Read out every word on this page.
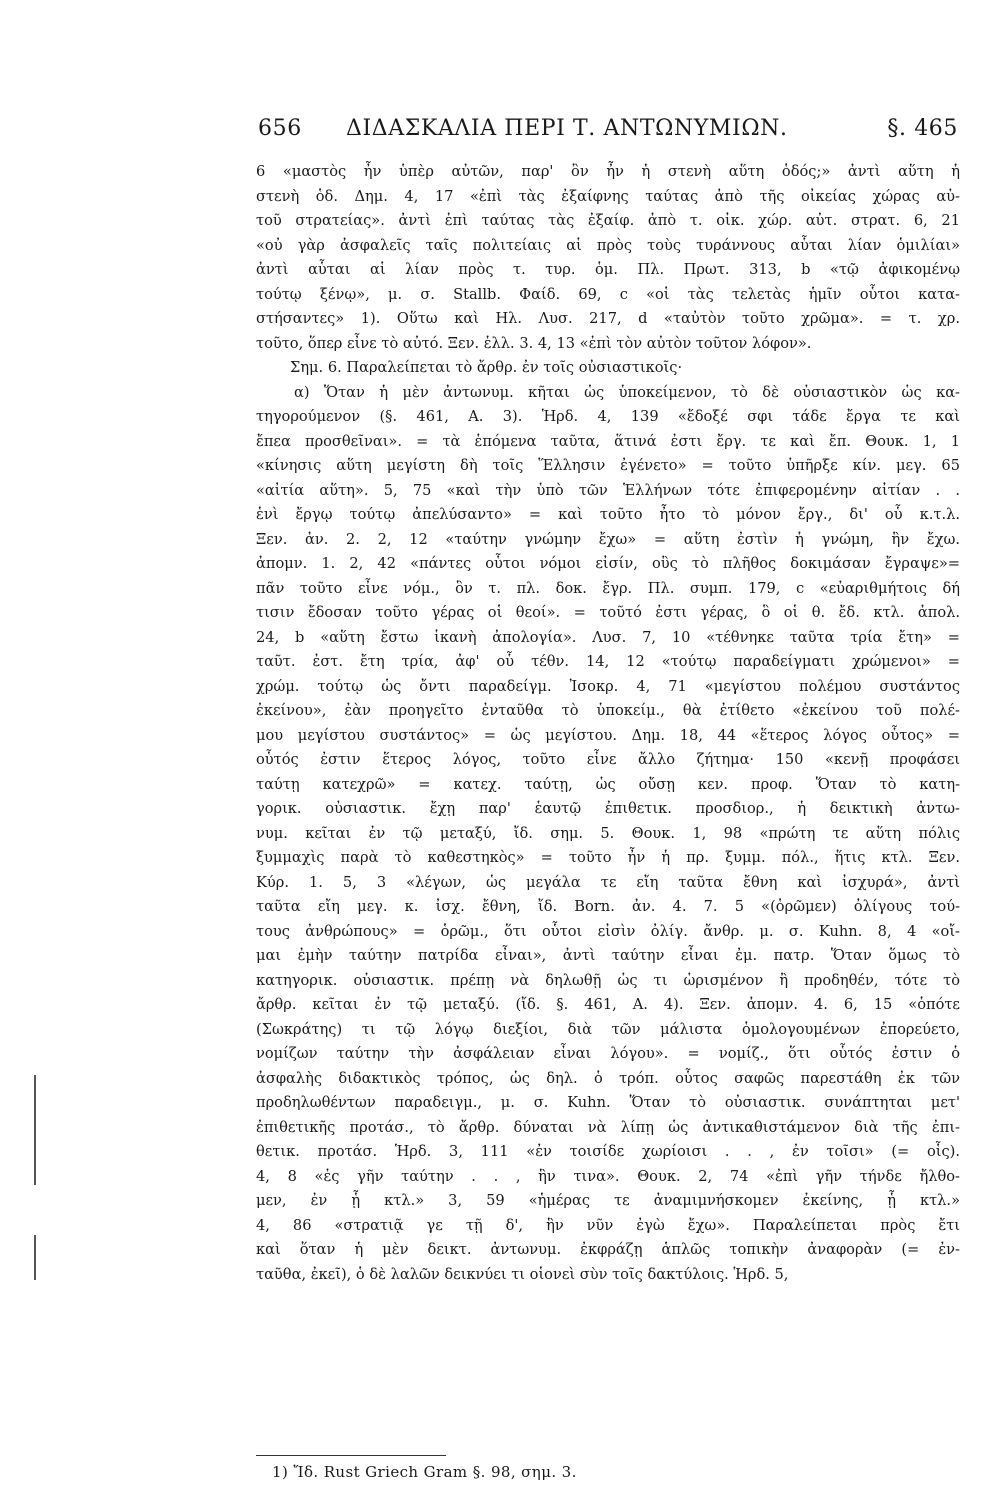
656 ΔΙΔΑΣΚΑΛΙΑ ΠΕΡΙ Τ. ΑΝΤΩΝΥΜΙΩΝ.	§. 465
6 «μαστὸς ἦν ὑπὲρ αὐτῶν, παρ' ὃν ἦν ἡ στενὴ αὕτη ὁδός;» ἀντὶ αὕτη ἡ
στενὴ ὁδ. Δημ. 4, 17 «ἐπὶ τὰς ἐξαίφνης ταύτας ἀπὸ τῆς οἰκείας χώρας αὐ-
τοῦ στρατείας». ἀντὶ ἐπὶ ταύτας τὰς ἐξαίφ. ἀπὸ τ. οἰκ. χώρ. αὐτ. στρατ. 6, 21
«οὐ γὰρ ἀσφαλεῖς ταῖς πολιτείαις αἱ πρὸς τοὺς τυράννους αὗται λίαν ὁμιλίαι»
ἀντὶ αὗται αἱ λίαν πρὸς τ. τυρ. ὁμ. Πλ. Πρωτ. 313, b «τῷ ἀφικομένῳ
τούτῳ ξένῳ», μ. σ. Stallb. Φαίδ. 69, c «οἱ τὰς τελετὰς ἡμῖν οὗτοι κατα-
στήσαντες» 1). Οὕτω καὶ Ηλ. Λυσ. 217, d «ταὐτὸν τοῦτο χρῶμα». = τ. χρ.
τοῦτο, ὅπερ εἶνε τὸ αὐτό. Ξεν. ἑλλ. 3. 4, 13 «ἐπὶ τὸν αὐτὸν τοῦτον λόφον».
Σημ. 6. Παραλείπεται τὸ ἄρθρ. ἐν τοῖς οὐσιαστικοῖς·
α) Ὅταν ἡ μὲν ἀντωνυμ. κῆται ὡς ὑποκείμενον, τὸ δὲ οὐσιαστικὸν ὡς κα-
τηγορούμενον (§. 461, Α. 3). Ἡρδ. 4, 139 «ἔδοξέ σφι τάδε ἔργα τε καὶ
ἔπεα προσθεῖναι». = τὰ ἑπόμενα ταῦτα, ἅτινά ἐστι ἔργ. τε καὶ ἔπ. Θουκ. 1, 1
«κίνησις αὕτη μεγίστη δὴ τοῖς Ἕλλησιν ἐγένετο» = τοῦτο ὑπῆρξε κίν. μεγ. 65
«αἰτία αὕτη». 5, 75 «καὶ τὴν ὑπὸ τῶν Ἑλλήνων τότε ἐπιφερομένην αἰτίαν . .
ἑνὶ ἔργῳ τούτῳ ἀπελύσαντο» = καὶ τοῦτο ἦτο τὸ μόνον ἔργ., δι' οὗ κ.τ.λ.
Ξεν. ἀν. 2. 2, 12 «ταύτην γνώμην ἔχω» = αὕτη ἐστὶν ἡ γνώμη, ἣν ἔχω.
ἀπομν. 1. 2, 42 «πάντες οὗτοι νόμοι εἰσίν, οὓς τὸ πλῆθος δοκιμάσαν ἔγραψε»=
πᾶν τοῦτο εἶνε νόμ., ὃν τ. πλ. δοκ. ἔγρ. Πλ. συμπ. 179, c «εὐαριθμήτοις δή
τισιν ἔδοσαν τοῦτο γέρας οἱ θεοί». = τοῦτό ἐστι γέρας, ὃ οἱ θ. ἔδ. κτλ. ἀπολ.
24, b «αὕτη ἔστω ἱκανὴ ἀπολογία». Λυσ. 7, 10 «τέθνηκε ταῦτα τρία ἔτη» =
ταῦτ. ἐστ. ἔτη τρία, ἀφ' οὗ τέθν. 14, 12 «τούτῳ παραδείγματι χρώμενοι» =
χρώμ. τούτῳ ὡς ὄντι παραδείγμ. Ἰσοκρ. 4, 71 «μεγίστου πολέμου συστάντος
ἐκείνου», ἐὰν προηγεῖτο ἐνταῦθα τὸ ὑποκείμ., θὰ ἐτίθετο «ἐκείνου τοῦ πολέ-
μου μεγίστου συστάντος» = ὡς μεγίστου. Δημ. 18, 44 «ἕτερος λόγος οὗτος» =
οὗτός ἐστιν ἕτερος λόγος, τοῦτο εἶνε ἄλλο ζήτημα· 150 «κενῇ προφάσει
ταύτῃ κατεχρῶ» = κατεχ. ταύτῃ, ὡς οὔσῃ κεν. προφ. Ὅταν τὸ κατη-
γορικ. οὐσιαστικ. ἔχῃ παρ' ἑαυτῷ ἐπιθετικ. προσδιορ., ἡ δεικτικὴ ἀντω-
νυμ. κεῖται ἐν τῷ μεταξύ, ἴδ. σημ. 5. Θουκ. 1, 98 «πρώτη τε αὕτη πόλις
ξυμμαχὶς παρὰ τὸ καθεστηκὸς» = τοῦτο ἦν ἡ πρ. ξυμμ. πόλ., ἥτις κτλ. Ξεν.
Κύρ. 1. 5, 3 «λέγων, ὡς μεγάλα τε εἴη ταῦτα ἔθνη καὶ ἰσχυρά», ἀντὶ
ταῦτα εἴη μεγ. κ. ἰσχ. ἔθνη, ἴδ. Born. ἀν. 4. 7. 5 «(ὁρῶμεν) ὀλίγους τού-
τους ἀνθρώπους» = ὁρῶμ., ὅτι οὗτοι εἰσὶν ὀλίγ. ἄνθρ. μ. σ. Kuhn. 8, 4 «οἴ-
μαι ἐμὴν ταύτην πατρίδα εἶναι», ἀντὶ ταύτην εἶναι ἐμ. πατρ. Ὅταν ὅμως τὸ
κατηγορικ. οὐσιαστικ. πρέπῃ νὰ δηλωθῇ ὡς τι ὡρισμένον ἢ προδηθέν, τότε τὸ
ἄρθρ. κεῖται ἐν τῷ μεταξύ. (ἴδ. §. 461, Α. 4). Ξεν. ἀπομν. 4. 6, 15 «ὁπότε
(Σωκράτης) τι τῷ λόγῳ διεξίοι, διὰ τῶν μάλιστα ὁμολογουμένων ἐπορεύετο,
νομίζων ταύτην τὴν ἀσφάλειαν εἶναι λόγου». = νομίζ., ὅτι οὗτός ἐστιν ὁ
ἀσφαλὴς διδακτικὸς τρόπος, ὡς δηλ. ὁ τρόπ. οὗτος σαφῶς παρεστάθη ἐκ τῶν
προδηλωθέντων παραδειγμ., μ. σ. Kuhn. Ὅταν τὸ οὐσιαστικ. συνάπτηται μετ'
ἐπιθετικῆς προτάσ., τὸ ἄρθρ. δύναται νὰ λίπῃ ὡς ἀντικαθιστάμενον διὰ τῆς ἐπι-
θετικ. προτάσ. Ἡρδ. 3, 111 «ἐν τοισίδε χωρίοισι . . , ἐν τοῖσι» (= οἷς).
4, 8 «ἐς γῆν ταύτην . . , ἣν τινα». Θουκ. 2, 74 «ἐπὶ γῆν τήνδε ἤλθο-
μεν, ἐν ᾗ κτλ.» 3, 59 «ἡμέρας τε ἀναμιμνήσκομεν ἐκείνης, ᾗ κτλ.»
4, 86 «στρατιᾷ γε τῇ δ', ἣν νῦν ἐγὼ ἔχω». Παραλείπεται πρὸς ἔτι
καὶ ὅταν ἡ μὲν δεικτ. ἀντωνυμ. ἐκφράζῃ ἁπλῶς τοπικὴν ἀναφορὰν (= ἐν-
ταῦθα, ἐκεῖ), ὁ δὲ λαλῶν δεικνύει τι οἱονεὶ σὺν τοῖς δακτύλοις. Ἡρδ. 5,
1) Ἴδ. Rust Griech Gram §. 98, σημ. 3.
